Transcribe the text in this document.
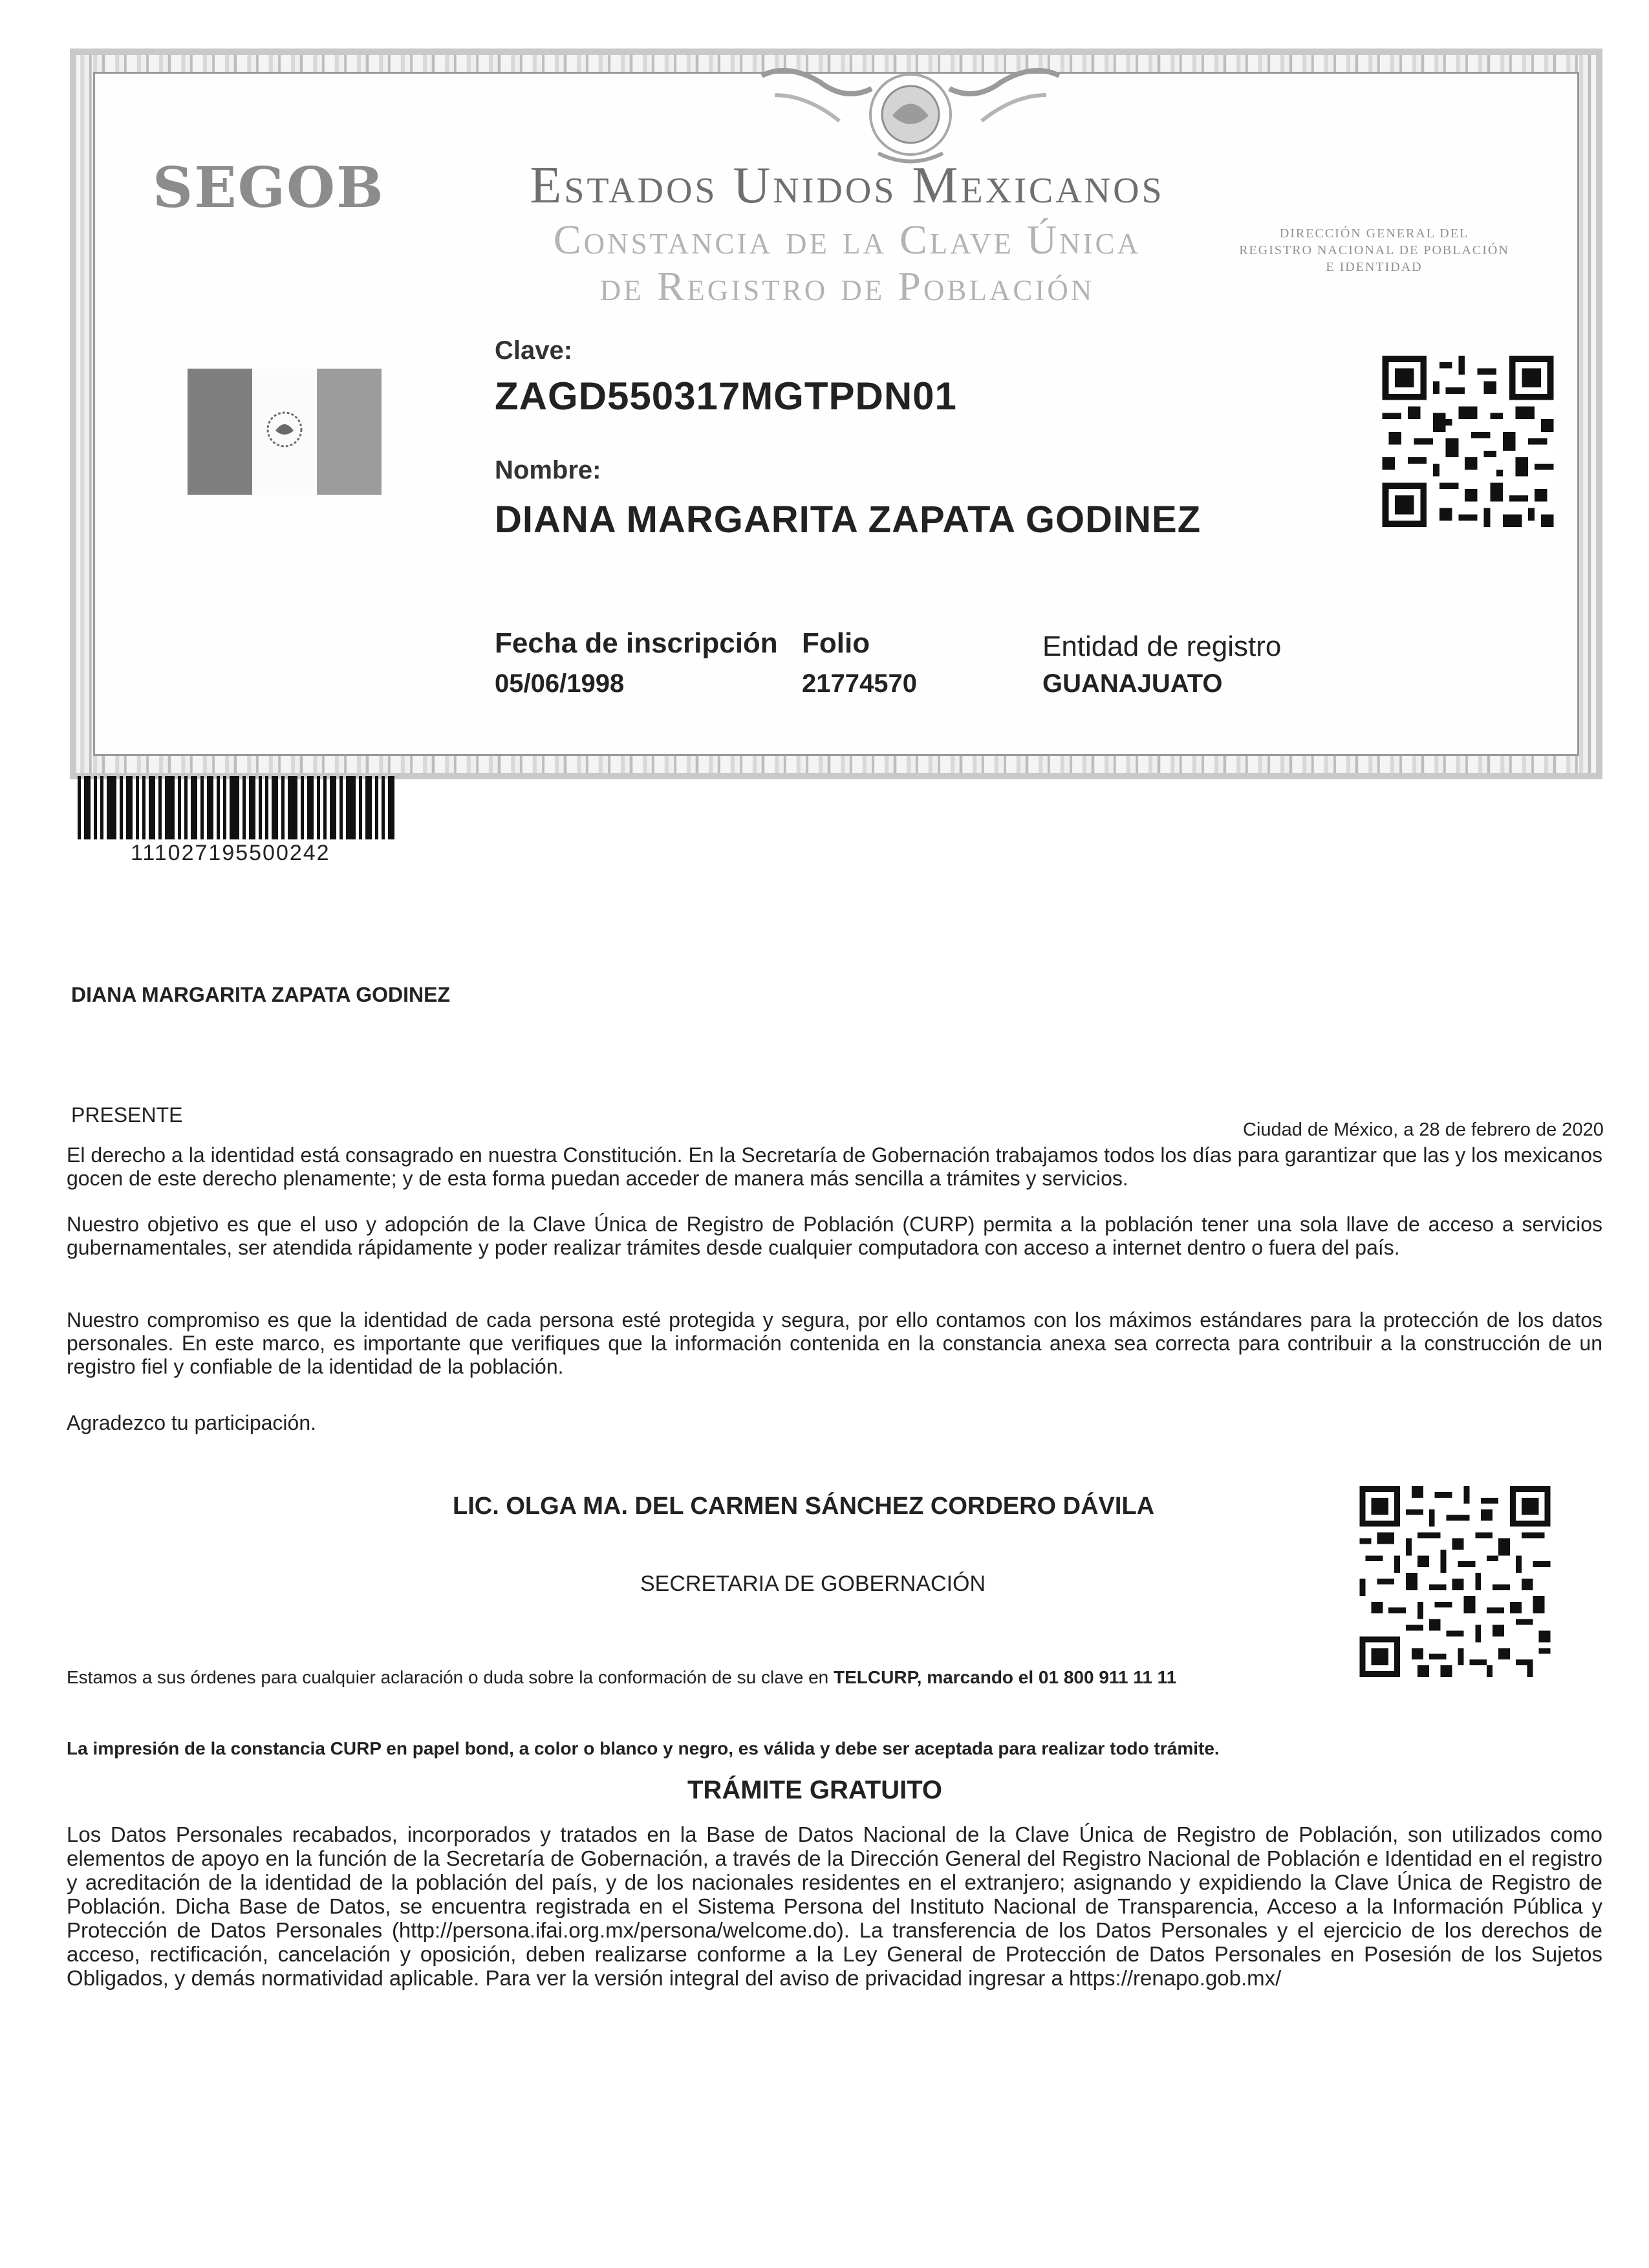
SEGOB	Estados Unidos Mexicanos
Constancia de la Clave Única
de Registro de Población
DIRECCIÓN GENERAL DEL
REGISTRO NACIONAL DE POBLACIÓN
E IDENTIDAD
Clave:
ZAGD550317MGTPDN01
Nombre:
DIANA MARGARITA ZAPATA GODINEZ
Fecha de inscripción
05/06/1998
Folio
21774570
Entidad de registro
GUANAJUATO
111027195500242
DIANA MARGARITA ZAPATA GODINEZ
PRESENTE
Ciudad de México, a 28 de febrero de 2020
El derecho a la identidad está consagrado en nuestra Constitución. En la Secretaría de Gobernación trabajamos todos los días para garantizar que las y los mexicanos gocen de este derecho plenamente; y de esta forma puedan acceder de manera más sencilla a trámites y servicios.
Nuestro objetivo es que el uso y adopción de la Clave Única de Registro de Población (CURP) permita a la población tener una sola llave de acceso a servicios gubernamentales, ser atendida rápidamente y poder realizar trámites desde cualquier computadora con acceso a internet dentro o fuera del país.
Nuestro compromiso es que la identidad de cada persona esté protegida y segura, por ello contamos con los máximos estándares para la protección de los datos personales. En este marco, es importante que verifiques que la información contenida en la constancia anexa sea correcta para contribuir a la construcción de un registro fiel y confiable de la identidad de la población.
Agradezco tu participación.
LIC. OLGA MA. DEL CARMEN SÁNCHEZ CORDERO DÁVILA
SECRETARIA DE GOBERNACIÓN
Estamos a sus órdenes para cualquier aclaración o duda sobre la conformación de su clave en TELCURP, marcando el 01 800 911 11 11
La impresión de la constancia CURP en papel bond, a color o blanco y negro, es válida y debe ser aceptada para realizar todo trámite.
TRÁMITE GRATUITO
Los Datos Personales recabados, incorporados y tratados en la Base de Datos Nacional de la Clave Única de Registro de Población, son utilizados como elementos de apoyo en la función de la Secretaría de Gobernación, a través de la Dirección General del Registro Nacional de Población e Identidad en el registro y acreditación de la identidad de la población del país, y de los nacionales residentes en el extranjero; asignando y expidiendo la Clave Única de Registro de Población. Dicha Base de Datos, se encuentra registrada en el Sistema Persona del Instituto Nacional de Transparencia, Acceso a la Información Pública y Protección de Datos Personales (http://persona.ifai.org.mx/persona/welcome.do). La transferencia de los Datos Personales y el ejercicio de los derechos de acceso, rectificación, cancelación y oposición, deben realizarse conforme a la Ley General de Protección de Datos Personales en Posesión de los Sujetos Obligados, y demás normatividad aplicable. Para ver la versión integral del aviso de privacidad ingresar a https://renapo.gob.mx/
